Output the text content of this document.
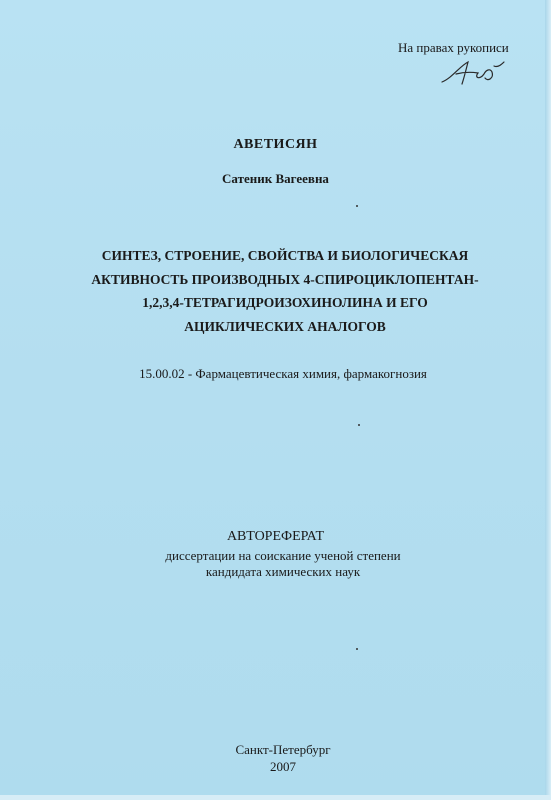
На правах рукописи
АВЕТИСЯН
Сатеник Вагеевна
СИНТЕЗ, СТРОЕНИЕ, СВОЙСТВА И БИОЛОГИЧЕСКАЯ
АКТИВНОСТЬ ПРОИЗВОДНЫХ 4-СПИРОЦИКЛОПЕНТАН-
1,2,3,4-ТЕТРАГИДРОИЗОХИНОЛИНА И ЕГО
АЦИКЛИЧЕСКИХ АНАЛОГОВ
15.00.02 - Фармацевтическая химия, фармакогнозия
АВТОРЕФЕРАТ
диссертации на соискание ученой степени
кандидата химических наук
Санкт-Петербург
2007
